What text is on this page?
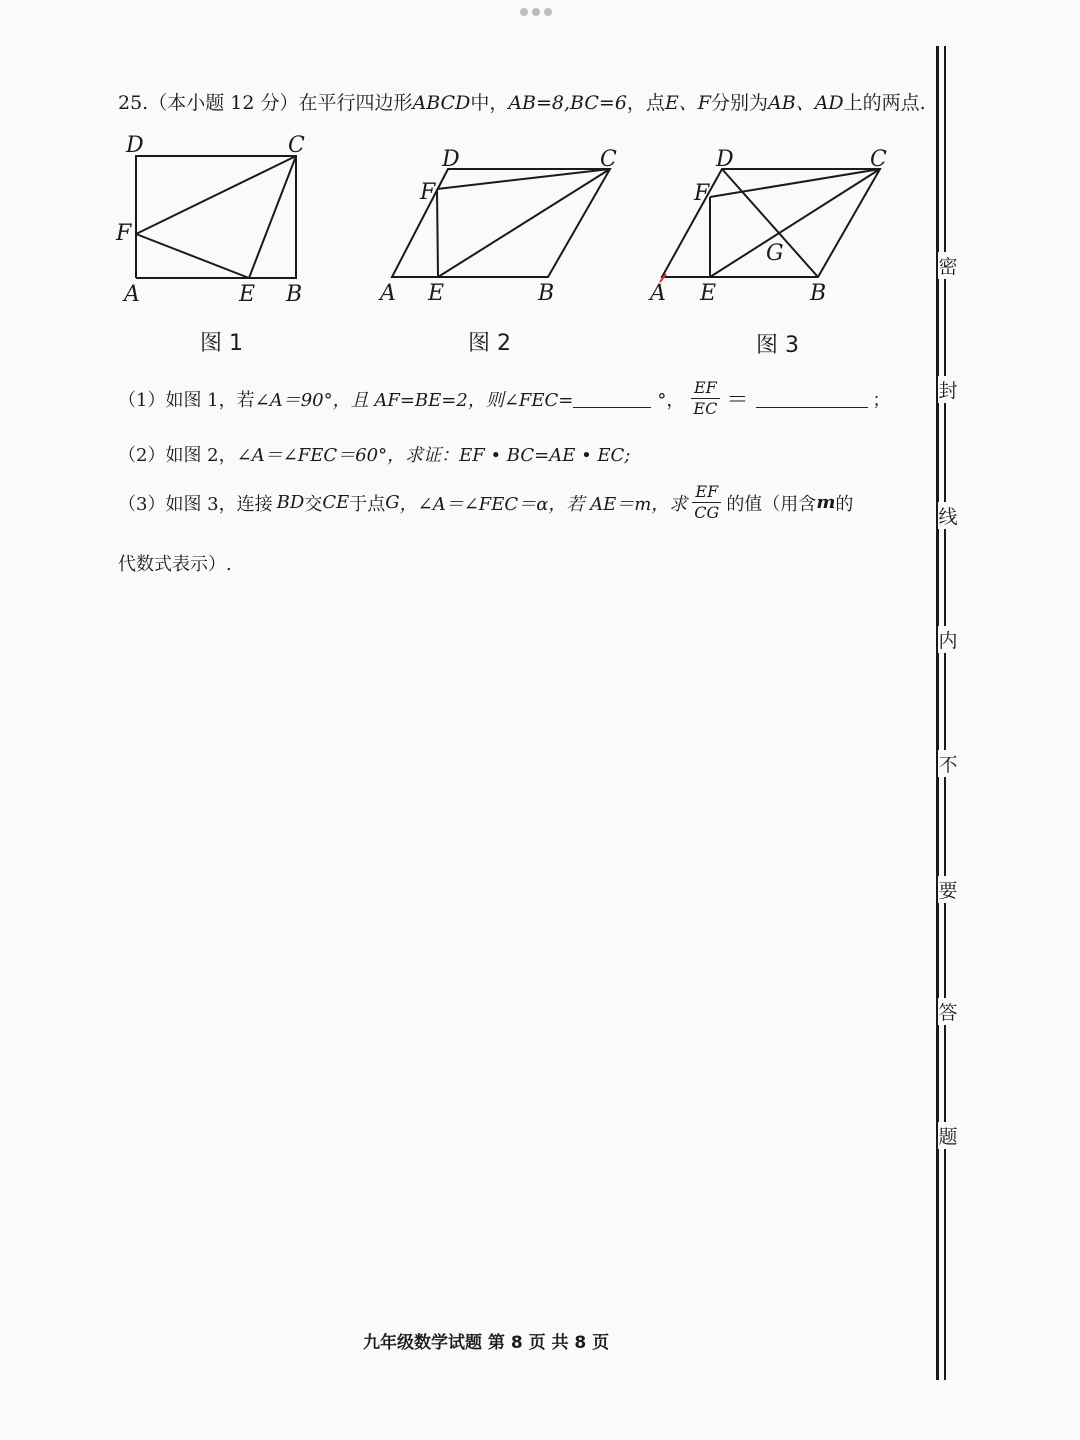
25.（本小题 12 分）在平行四边形ABCD中，AB=8,BC=6，点E、F分别为AB、AD上的两点.
D	C
F
A	E B
图 1
D	C
F
A E	B
图 2
D	C
F
G
A E	B
图 3
（1）如图 1，若 ∠A＝90°，且 AF=BE=2，则∠FEC=	°， $\frac{EF}{EC}$ ＝	；
（2）如图 2，∠A＝∠FEC＝60°，求证：EF • BC=AE • EC;
（3）如图 3，连接 BD 交 CE 于点 G ，∠A＝∠FEC＝α，若 AE＝m，求 $\frac{EF}{CG}$ 的值（用含 m 的
代数式表示）.
九年级数学试题 第 8 页 共 8 页
密
封
线
内
不
要
答
题
